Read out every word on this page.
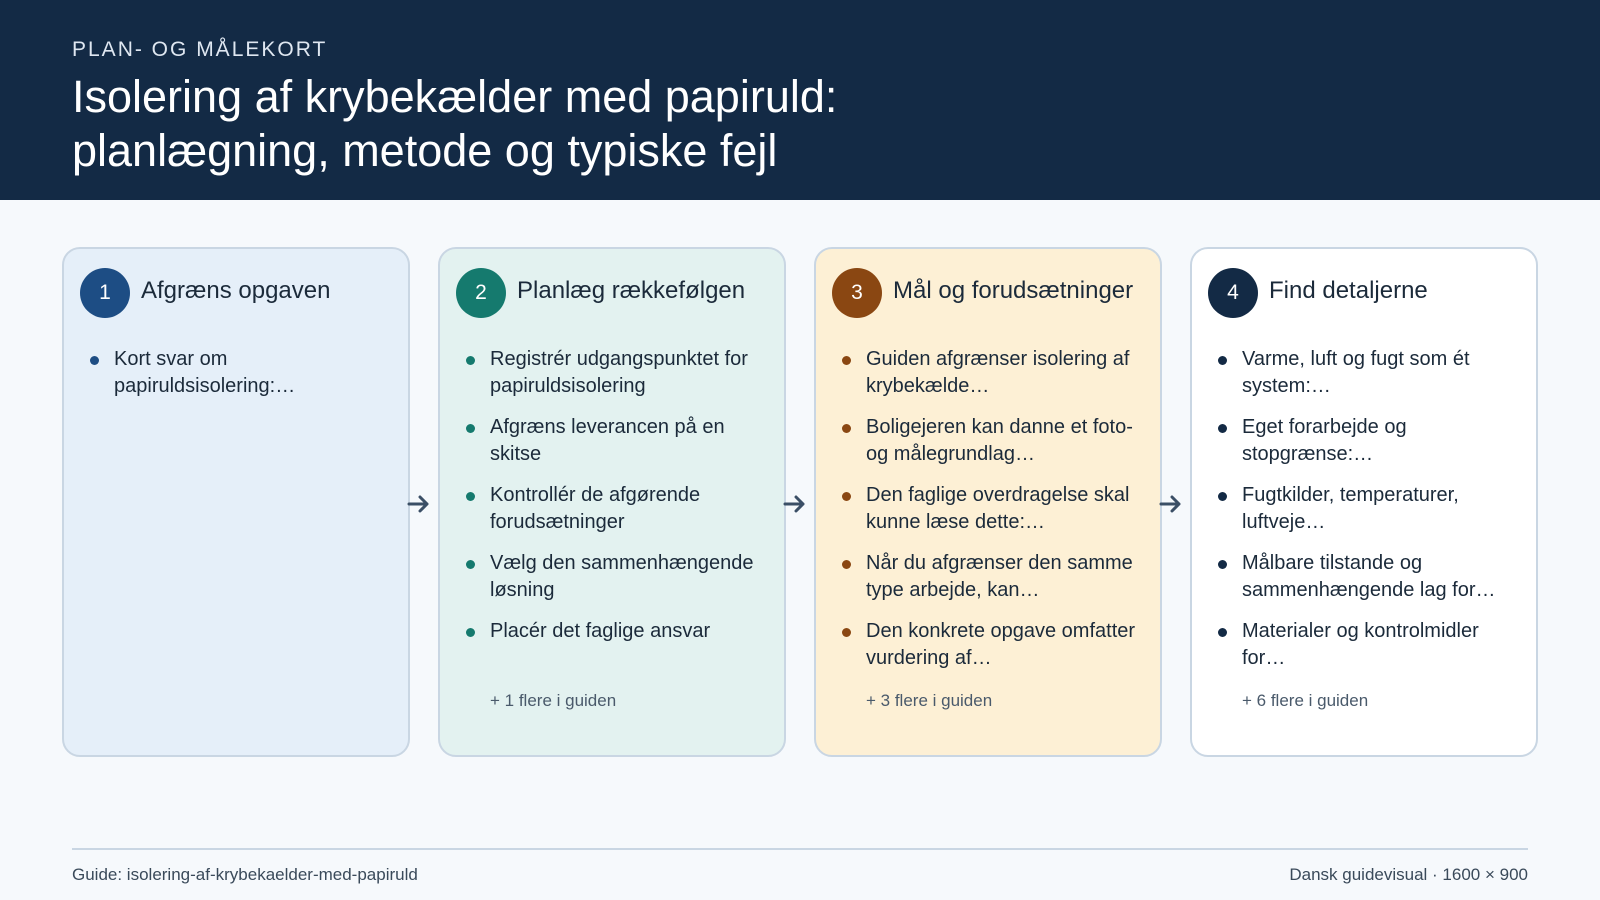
PLAN- OG MÅLEKORT
Isolering af krybekælder med papiruld:
planlægning, metode og typiske fejl
1	Afgræns opgaven
Kort svar om papiruldsisolering:…
2	Planlæg rækkefølgen
Registrér udgangspunktet for papiruldsisolering
Afgræns leverancen på en skitse
Kontrollér de afgørende forudsætninger
Vælg den sammenhængende løsning
Placér det faglige ansvar
+ 1 flere i guiden
3	Mål og forudsætninger
Guiden afgrænser isolering af krybekælde…
Boligejeren kan danne et foto- og målegrundlag…
Den faglige overdragelse skal kunne læse dette:…
Når du afgrænser den samme type arbejde, kan…
Den konkrete opgave omfatter vurdering af…
+ 3 flere i guiden
4	Find detaljerne
Varme, luft og fugt som ét system:…
Eget forarbejde og stopgrænse:…
Fugtkilder, temperaturer, luftveje…
Målbare tilstande og sammenhængende lag for…
Materialer og kontrolmidler for…
+ 6 flere i guiden
Guide: isolering-af-krybekaelder-med-papiruld	Dansk guidevisual · 1600 × 900
